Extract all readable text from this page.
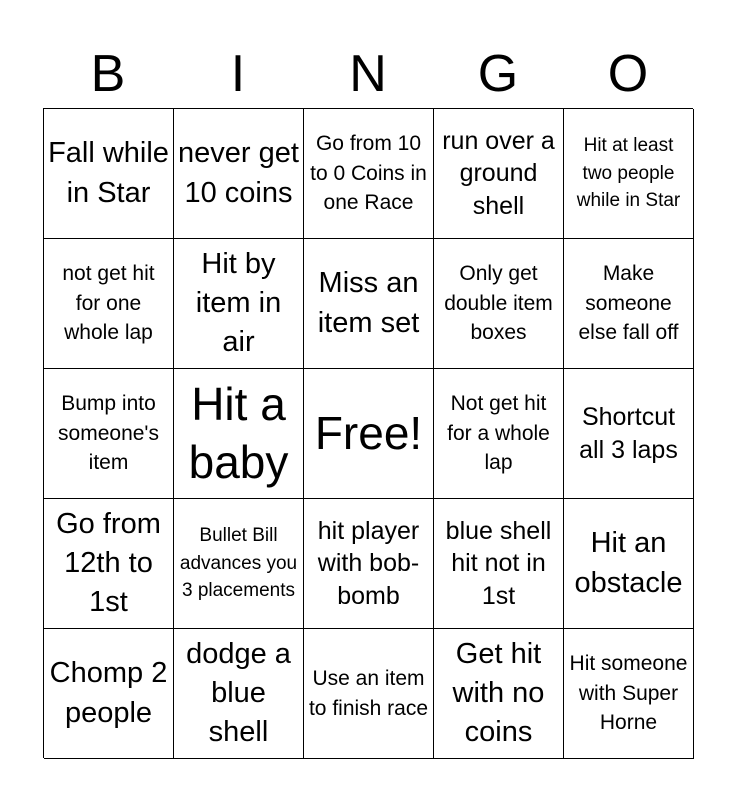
B	I	N	G	O
Fall while in Star
never get 10 coins
Go from 10 to 0 Coins in one Race
run over a ground shell
Hit at least two people while in Star
not get hit for one whole lap
Hit by item in air
Miss an item set
Only get double item boxes
Make someone else fall off
Bump into someone's item
Hit a baby
Free!
Not get hit for a whole lap
Shortcut all 3 laps
Go from 12th to 1st
Bullet Bill advances you 3 placements
hit player with bob-bomb
blue shell hit not in 1st
Hit an obstacle
Chomp 2 people
dodge a blue shell
Use an item to finish race
Get hit with no coins
Hit someone with Super Horne
